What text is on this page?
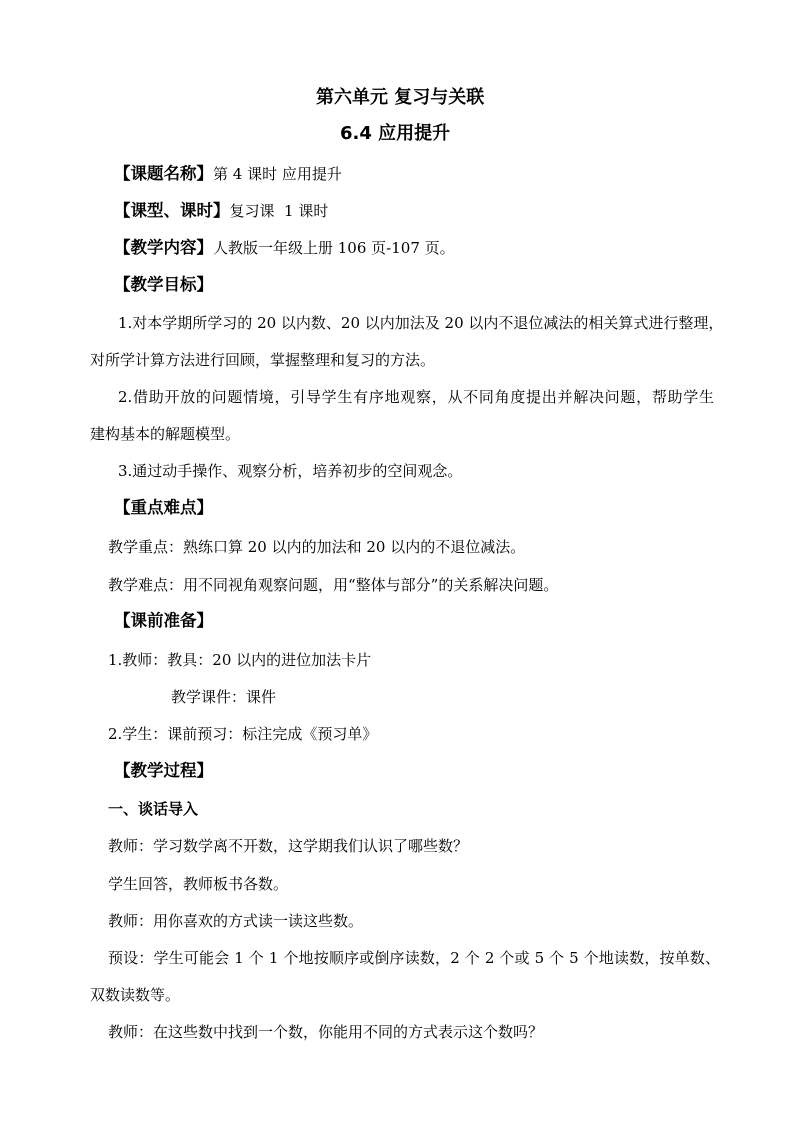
第六单元 复习与关联
6.4 应用提升
【课题名称】第 4 课时 应用提升
【课型、课时】复习课  1 课时
【教学内容】人教版一年级上册 106 页-107 页。
【教学目标】
1.对本学期所学习的 20 以内数、20 以内加法及 20 以内不退位减法的相关算式进行整理，
对所学计算方法进行回顾，掌握整理和复习的方法。
2.借助开放的问题情境，引导学生有序地观察，从不同角度提出并解决问题，帮助学生
建构基本的解题模型。
3.通过动手操作、观察分析，培养初步的空间观念。
【重点难点】
教学重点：熟练口算 20 以内的加法和 20 以内的不退位减法。
教学难点：用不同视角观察问题，用“整体与部分”的关系解决问题。
【课前准备】
1.教师：教具：20 以内的进位加法卡片
教学课件：课件
2.学生：课前预习：标注完成《预习单》
【教学过程】
一、谈话导入
教师：学习数学离不开数，这学期我们认识了哪些数？
学生回答，教师板书各数。
教师：用你喜欢的方式读一读这些数。
预设：学生可能会 1 个 1 个地按顺序或倒序读数，2 个 2 个或 5 个 5 个地读数，按单数、
双数读数等。
教师：在这些数中找到一个数，你能用不同的方式表示这个数吗？
